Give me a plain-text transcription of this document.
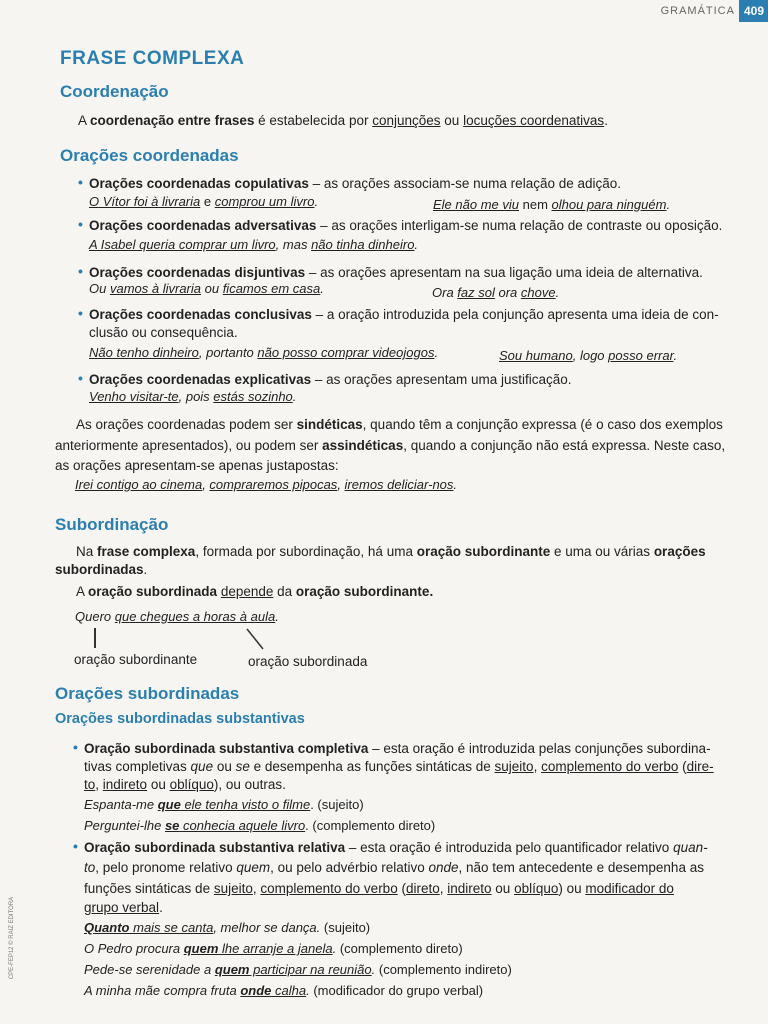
GRAMÁTICA 409
CPE-FEP12 © RAIZ EDITORA
FRASE COMPLEXA
Coordenação
A coordenação entre frases é estabelecida por conjunções ou locuções coordenativas.
Orações coordenadas
• Orações coordenadas copulativas – as orações associam-se numa relação de adição.
O Vítor foi à livraria e comprou um livro.	Ele não me viu nem olhou para ninguém.
• Orações coordenadas adversativas – as orações interligam-se numa relação de contraste ou oposição.
A Isabel queria comprar um livro, mas não tinha dinheiro.
• Orações coordenadas disjuntivas – as orações apresentam na sua ligação uma ideia de alternativa.
Ou vamos à livraria ou ficamos em casa.	Ora faz sol ora chove.
• Orações coordenadas conclusivas – a oração introduzida pela conjunção apresenta uma ideia de con-
clusão ou consequência.
Não tenho dinheiro, portanto não posso comprar videojogos.	Sou humano, logo posso errar.
• Orações coordenadas explicativas – as orações apresentam uma justificação.
Venho visitar-te, pois estás sozinho.
As orações coordenadas podem ser sindéticas, quando têm a conjunção expressa (é o caso dos exemplos
anteriormente apresentados), ou podem ser assindéticas, quando a conjunção não está expressa. Neste caso,
as orações apresentam-se apenas justapostas:
Irei contigo ao cinema, compraremos pipocas, iremos deliciar-nos.
Subordinação
Na frase complexa, formada por subordinação, há uma oração subordinante e uma ou várias orações
subordinadas.
A oração subordinada depende da oração subordinante.
Quero que chegues a horas à aula.
oração subordinante	oração subordinada
Orações subordinadas
Orações subordinadas substantivas
• Oração subordinada substantiva completiva – esta oração é introduzida pelas conjunções subordina-
tivas completivas que ou se e desempenha as funções sintáticas de sujeito, complemento do verbo (dire-
to, indireto ou oblíquo), ou outras.
Espanta-me que ele tenha visto o filme. (sujeito)
Perguntei-lhe se conhecia aquele livro. (complemento direto)
• Oração subordinada substantiva relativa – esta oração é introduzida pelo quantificador relativo quan-
to, pelo pronome relativo quem, ou pelo advérbio relativo onde, não tem antecedente e desempenha as
funções sintáticas de sujeito, complemento do verbo (direto, indireto ou oblíquo) ou modificador do
grupo verbal.
Quanto mais se canta, melhor se dança. (sujeito)
O Pedro procura quem lhe arranje a janela. (complemento direto)
Pede-se serenidade a quem participar na reunião. (complemento indireto)
A minha mãe compra fruta onde calha. (modificador do grupo verbal)
